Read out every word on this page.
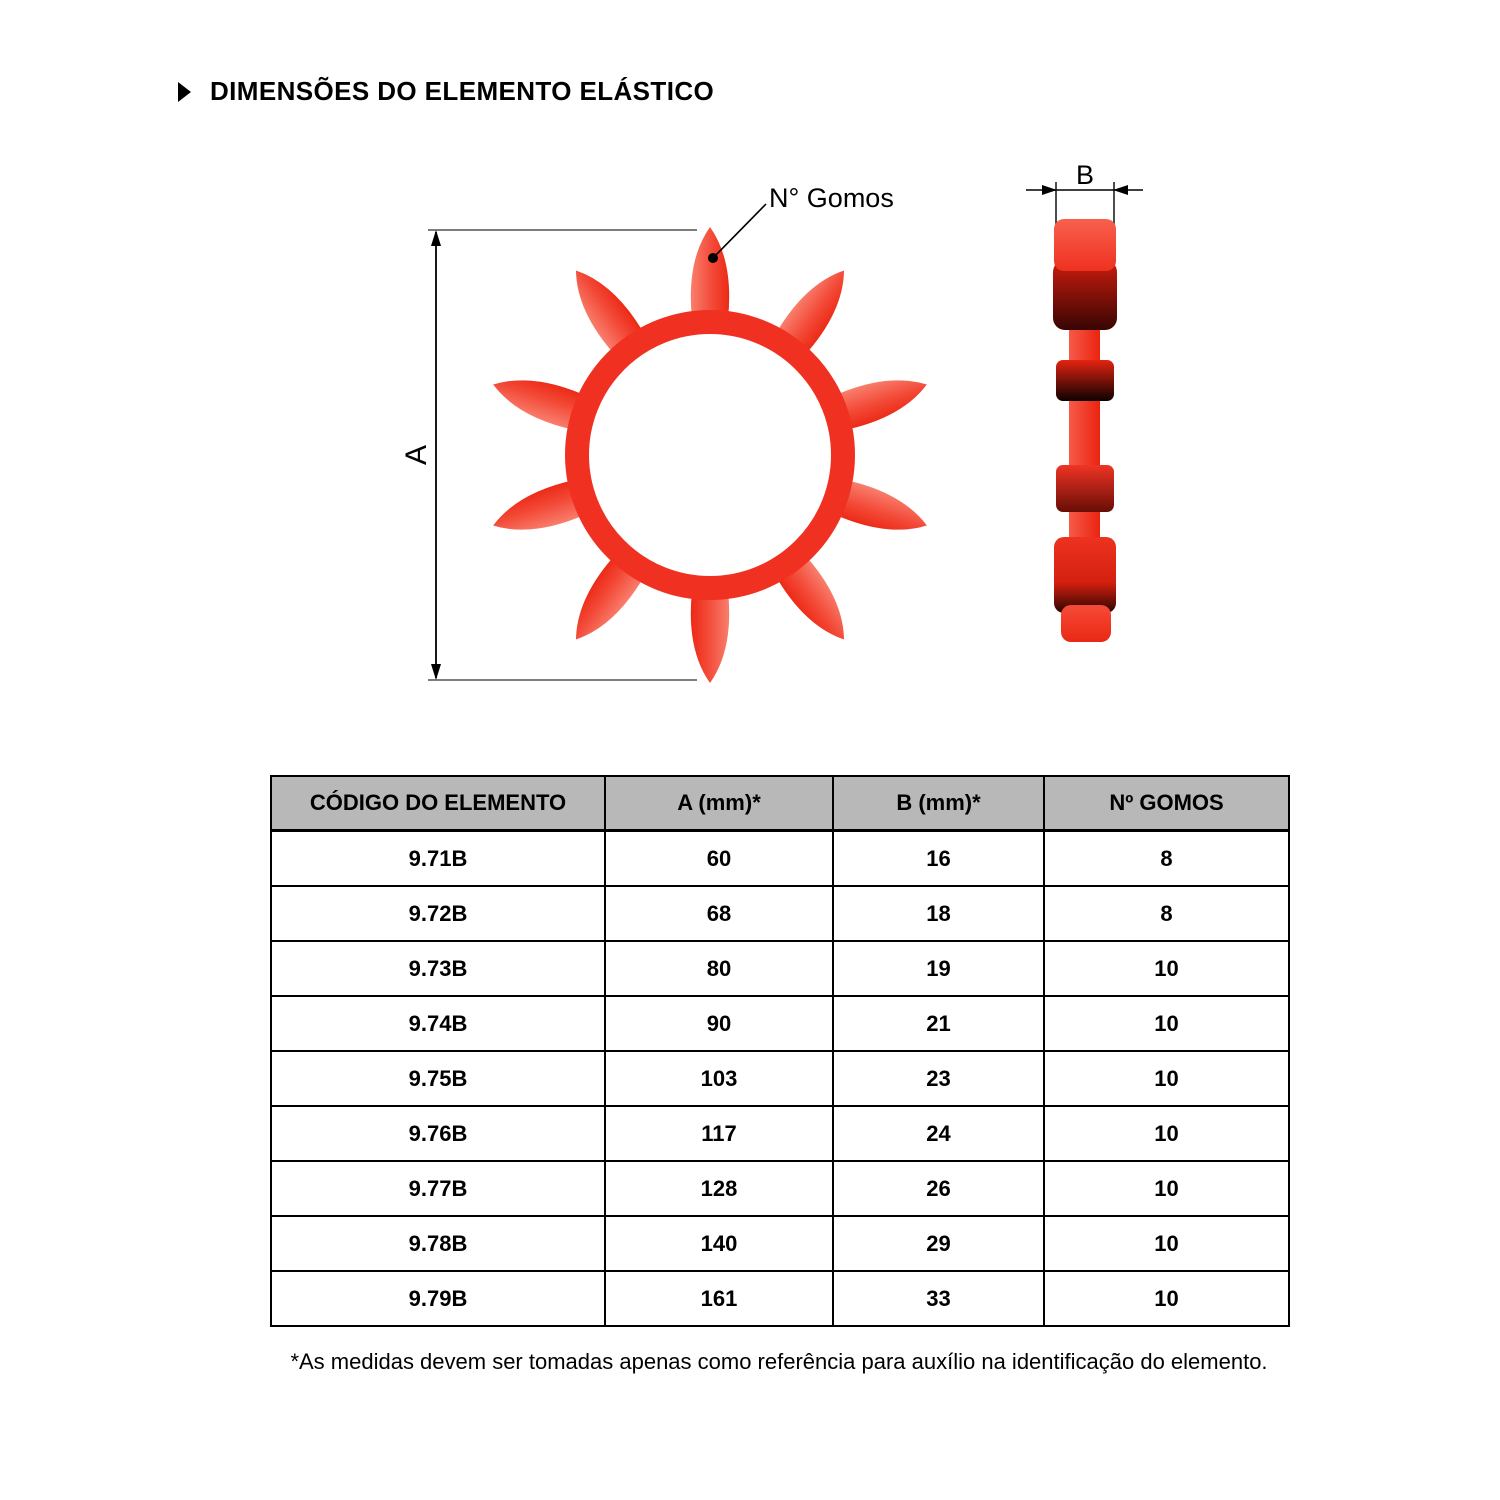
DIMENSÕES DO ELEMENTO ELÁSTICO
A
N° Gomos
B
CÓDIGO DO ELEMENTO	A (mm)*	B (mm)*	Nº GOMOS
9.71B	60	16	8
9.72B	68	18	8
9.73B	80	19	10
9.74B	90	21	10
9.75B	103	23	10
9.76B	117	24	10
9.77B	128	26	10
9.78B	140	29	10
9.79B	161	33	10
*As medidas devem ser tomadas apenas como referência para auxílio na identificação do elemento.
